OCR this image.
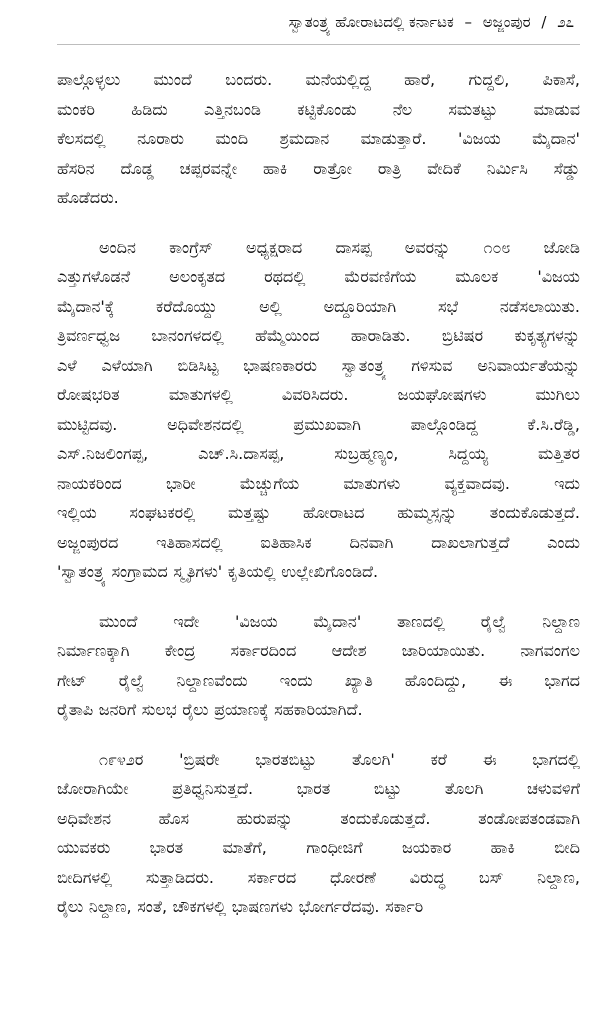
ಸ್ವಾತಂತ್ರ್ಯ ಹೋರಾಟದಲ್ಲಿ ಕರ್ನಾಟಕ – ಅಜ್ಜಂಪುರ / ೨೭
ಪಾಲ್ಗೊಳ್ಳಲು ಮುಂದೆ ಬಂದರು. ಮನೆಯಲ್ಲಿದ್ದ ಹಾರೆ, ಗುದ್ದಲಿ, ಪಿಕಾಸೆ,
ಮಂಕರಿ ಹಿಡಿದು ಎತ್ತಿನಬಂಡಿ ಕಟ್ಟಿಕೊಂಡು ನೆಲ ಸಮತಟ್ಟು ಮಾಡುವ
ಕೆಲಸದಲ್ಲಿ ನೂರಾರು ಮಂದಿ ಶ್ರಮದಾನ ಮಾಡುತ್ತಾರೆ. 'ವಿಜಯ ಮೈದಾನ'
ಹೆಸರಿನ ದೊಡ್ಡ ಚಪ್ಪರವನ್ನೇ ಹಾಕಿ ರಾತ್ರೋ ರಾತ್ರಿ ವೇದಿಕೆ ನಿರ್ಮಿಸಿ ಸೆಡ್ಡು
ಹೊಡೆದರು.
ಅಂದಿನ ಕಾಂಗ್ರೆಸ್ ಅಧ್ಯಕ್ಷರಾದ ದಾಸಪ್ಪ ಅವರನ್ನು ೧೦೮ ಜೋಡಿ
ಎತ್ತುಗಳೊಡನೆ ಅಲಂಕೃತದ ರಥದಲ್ಲಿ ಮೆರವಣಿಗೆಯ ಮೂಲಕ 'ವಿಜಯ
ಮೈದಾನ'ಕ್ಕೆ	ಕರೆದೊಯ್ದು	ಅಲ್ಲಿ	ಅದ್ದೂರಿಯಾಗಿ	ಸಭೆ	ನಡೆಸಲಾಯಿತು.
ತ್ರಿವರ್ಣಧ್ವಜ ಬಾನಂಗಳದಲ್ಲಿ ಹೆಮ್ಮೆಯಿಂದ ಹಾರಾಡಿತು. ಬ್ರಿಟಿಷರ ಕುಕೃತ್ಯಗಳನ್ನು
ಎಳೆ ಎಳೆಯಾಗಿ ಬಿಡಿಸಿಟ್ಟ ಭಾಷಣಕಾರರು ಸ್ವಾತಂತ್ರ್ಯ ಗಳಿಸುವ ಅನಿವಾರ್ಯತೆಯನ್ನು
ರೋಷಭರಿತ	ಮಾತುಗಳಲ್ಲಿ	ವಿವರಿಸಿದರು.	ಜಯಘೋಷಗಳು	ಮುಗಿಲು
ಮುಟ್ಟಿದವು.	ಅಧಿವೇಶನದಲ್ಲಿ	ಪ್ರಮುಖವಾಗಿ	ಪಾಲ್ಗೊಂಡಿದ್ದ	ಕೆ.ಸಿ.ರೆಡ್ಡಿ,
ಎಸ್.ನಿಜಲಿಂಗಪ್ಪ,	ಎಚ್.ಸಿ.ದಾಸಪ್ಪ,	ಸುಬ್ರಹ್ಮಣ್ಯಂ,	ಸಿದ್ದಯ್ಯ	ಮತ್ತಿತರ
ನಾಯಕರಿಂದ	ಭಾರೀ	ಮೆಚ್ಚುಗೆಯ	ಮಾತುಗಳು	ವ್ಯಕ್ತವಾದವು.	ಇದು
ಇಲ್ಲಿಯ ಸಂಘಟಕರಲ್ಲಿ ಮತ್ತಷ್ಟು ಹೋರಾಟದ ಹುಮ್ಮಸ್ಸನ್ನು ತಂದುಕೊಡುತ್ತದೆ.
ಅಜ್ಜಂಪುರದ ಇತಿಹಾಸದಲ್ಲಿ ಐತಿಹಾಸಿಕ ದಿನವಾಗಿ ದಾಖಲಾಗುತ್ತದೆ ಎಂದು
'ಸ್ವಾತಂತ್ರ್ಯ ಸಂಗ್ರಾಮದ ಸ್ಮೃತಿಗಳು' ಕೃತಿಯಲ್ಲಿ ಉಲ್ಲೇಖಿಗೊಂಡಿದೆ.
ಮುಂದೆ ಇದೇ 'ವಿಜಯ ಮೈದಾನ' ತಾಣದಲ್ಲಿ ರೈಲ್ವೆ ನಿಲ್ದಾಣ
ನಿರ್ಮಾಣಕ್ಕಾಗಿ ಕೇಂದ್ರ ಸರ್ಕಾರದಿಂದ ಆದೇಶ ಜಾರಿಯಾಯಿತು. ನಾಗವಂಗಲ
ಗೇಟ್ ರೈಲ್ವೆ ನಿಲ್ದಾಣವೆಂದು ಇಂದು ಖ್ಯಾತಿ ಹೊಂದಿದ್ದು, ಈ ಭಾಗದ
ರೈತಾಪಿ ಜನರಿಗೆ ಸುಲಭ ರೈಲು ಪ್ರಯಾಣಕ್ಕೆ ಸಹಕಾರಿಯಾಗಿದೆ.
೧೯೪೨ರ 'ಬ್ರಿಷರೇ ಭಾರತಬಿಟ್ಟು ತೊಲಗಿ' ಕರೆ ಈ ಭಾಗದಲ್ಲಿ
ಜೋರಾಗಿಯೇ	ಪ್ರತಿಧ್ವನಿಸುತ್ತದೆ.	ಭಾರತ	ಬಿಟ್ಟು	ತೊಲಗಿ	ಚಳುವಳಿಗೆ
ಅಧಿವೇಶನ	ಹೊಸ	ಹುರುಪನ್ನು	ತಂದುಕೊಡುತ್ತದೆ.	ತಂಡೋಪತಂಡವಾಗಿ
ಯುವಕರು ಭಾರತ ಮಾತೆಗೆ, ಗಾಂಧೀಜಿಗೆ ಜಯಕಾರ ಹಾಕಿ ಬೀದಿ
ಬೀದಿಗಳಲ್ಲಿ ಸುತ್ತಾಡಿದರು. ಸರ್ಕಾರದ ಧೋರಣೆ ವಿರುದ್ಧ ಬಸ್ ನಿಲ್ದಾಣ,
ರೈಲು ನಿಲ್ದಾಣ, ಸಂತೆ, ಚೌಕಗಳಲ್ಲಿ ಭಾಷಣಗಳು ಭೋರ್ಗರೆದವು. ಸರ್ಕಾರಿ
